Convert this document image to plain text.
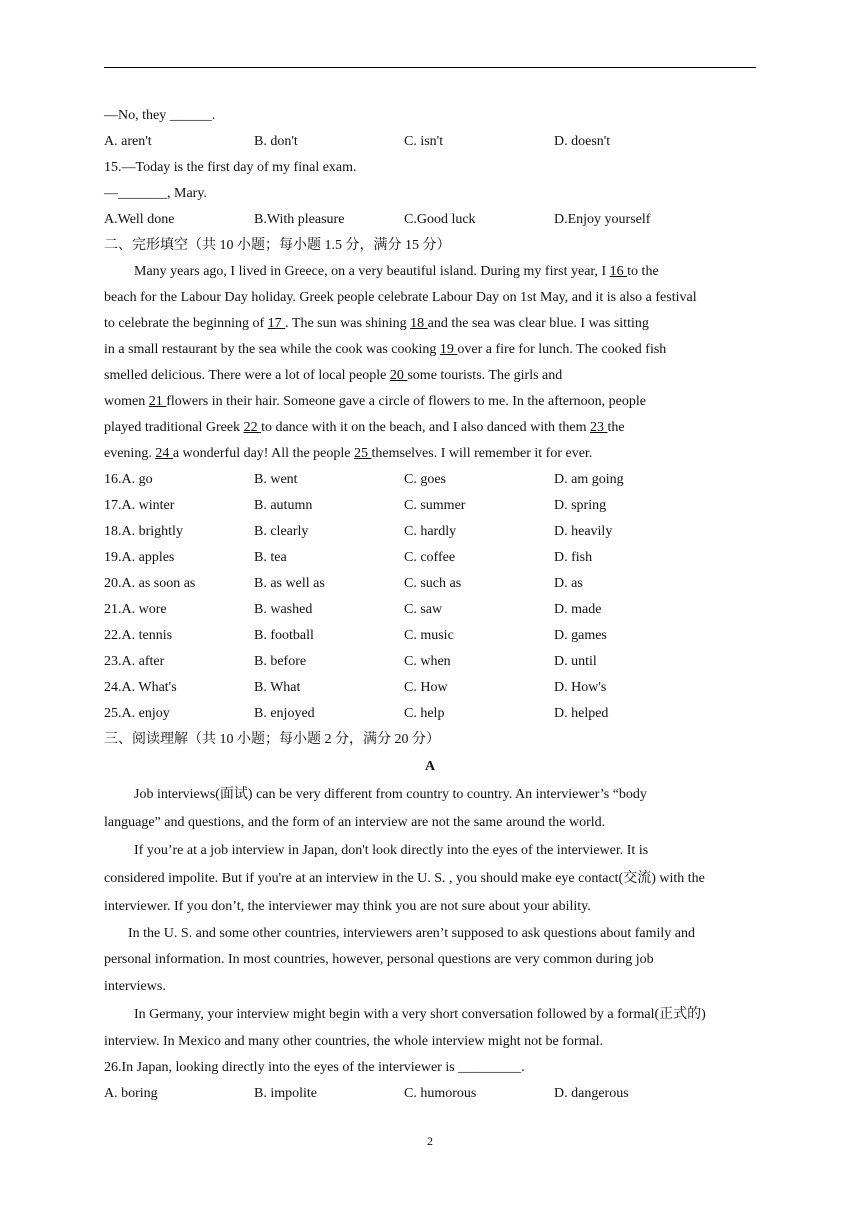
—No, they ______.
A. aren't	B. don't	C. isn't	D. doesn't
15.—Today is the first day of my final exam.
—_______, Mary.
A.Well done	B.With pleasure	C.Good luck	D.Enjoy yourself
二、完形填空（共 10 小题；每小题 1.5 分，满分 15 分）
Many years ago, I lived in Greece, on a very beautiful island. During my first year, I 16 to the
beach for the Labour Day holiday. Greek people celebrate Labour Day on 1st May, and it is also a festival
to celebrate the beginning of 17 . The sun was shining 18 and the sea was clear blue. I was sitting
in a small restaurant by the sea while the cook was cooking 19 over a fire for lunch. The cooked fish
smelled delicious. There were a lot of local people 20 some tourists. The girls and
women 21 flowers in their hair. Someone gave a circle of flowers to me. In the afternoon, people
played traditional Greek 22 to dance with it on the beach, and I also danced with them 23 the
evening. 24 a wonderful day! All the people 25 themselves. I will remember it for ever.
16.A. go	B. went	C. goes	D. am going
17.A. winter	B. autumn	C. summer	D. spring
18.A. brightly	B. clearly	C. hardly	D. heavily
19.A. apples	B. tea	C. coffee	D. fish
20.A. as soon as	B. as well as	C. such as	D. as
21.A. wore	B. washed	C. saw	D. made
22.A. tennis	B. football	C. music	D. games
23.A. after	B. before	C. when	D. until
24.A. What's	B. What	C. How	D. How's
25.A. enjoy	B. enjoyed	C. help	D. helped
三、阅读理解（共 10 小题；每小题 2 分，满分 20 分）
A
Job interviews(面试) can be very different from country to country. An interviewer’s “body
language” and questions, and the form of an interview are not the same around the world.
If you’re at a job interview in Japan, don't look directly into the eyes of the interviewer. It is
considered impolite. But if you're at an interview in the U. S. , you should make eye contact(交流) with the
interviewer. If you don’t, the interviewer may think you are not sure about your ability.
In the U. S. and some other countries, interviewers aren’t supposed to ask questions about family and
personal information. In most countries, however, personal questions are very common during job
interviews.
In Germany, your interview might begin with a very short conversation followed by a formal(正式的)
interview. In Mexico and many other countries, the whole interview might not be formal.
26.In Japan, looking directly into the eyes of the interviewer is _________.
A. boring	B. impolite	C. humorous	D. dangerous
2
